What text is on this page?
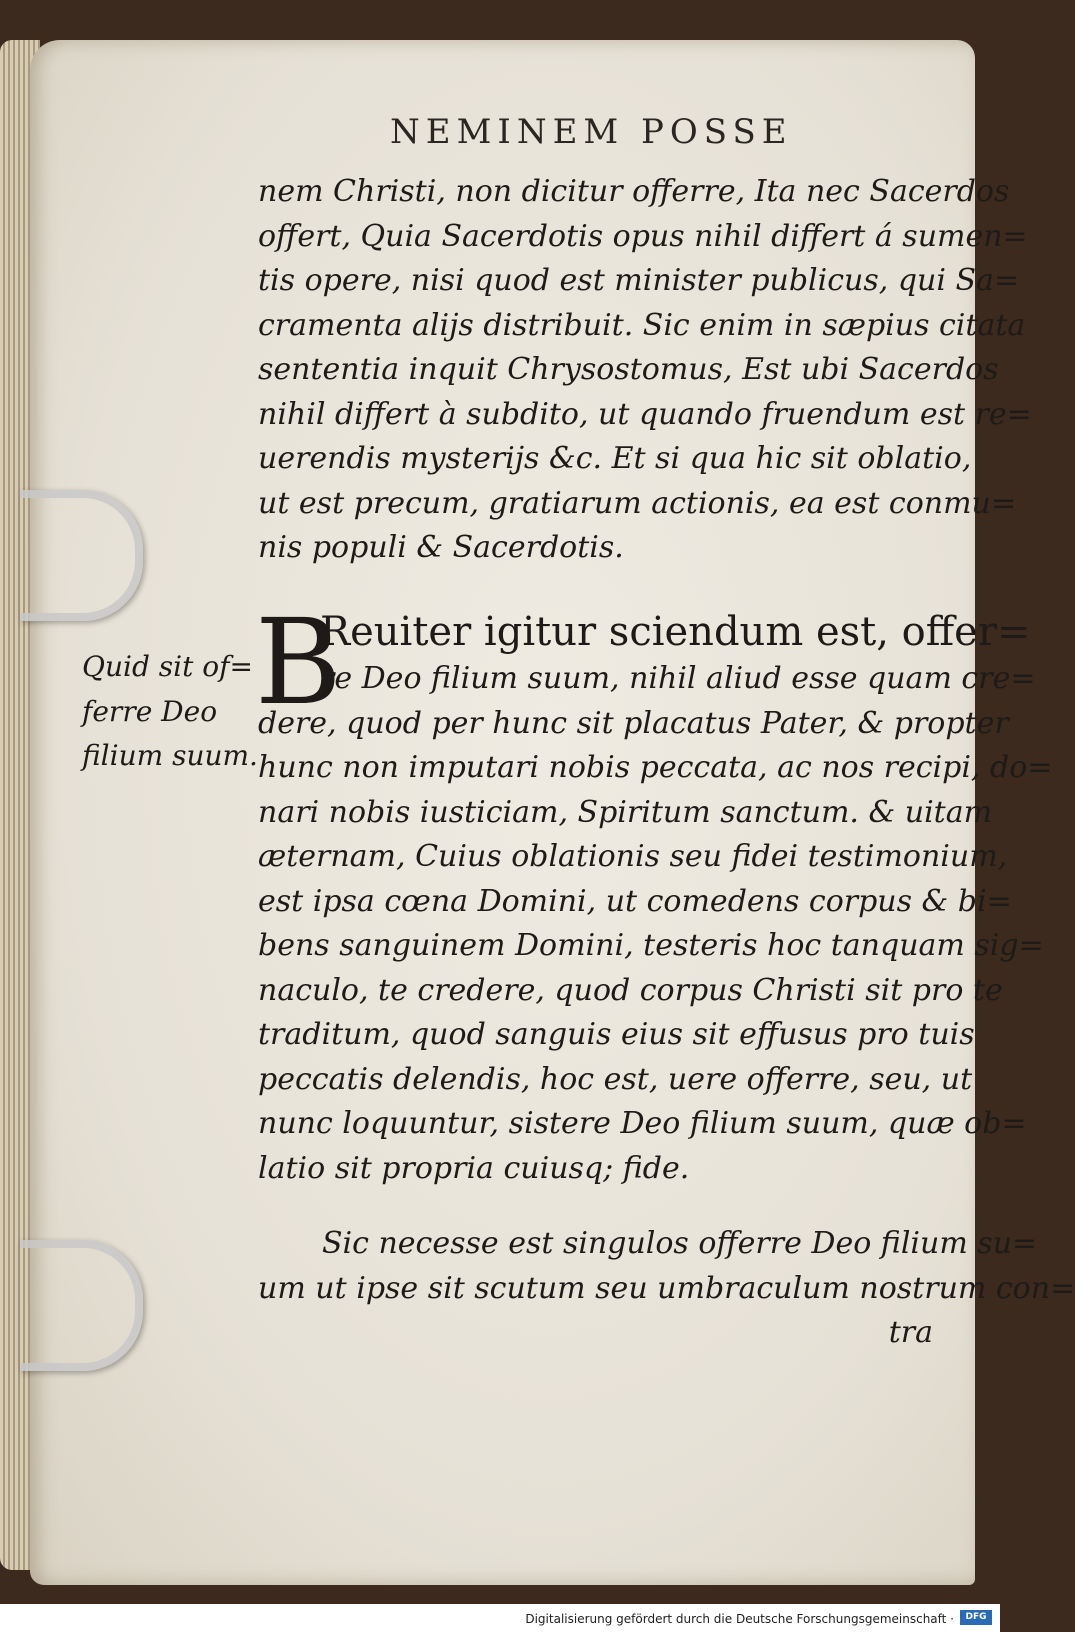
NEMINEM POSSE
nem Christi, non dicitur offerre, Ita nec Sacerdos
offert, Quia Sacerdotis opus nihil differt á sumen=
tis opere, nisi quod est minister publicus, qui Sa=
cramenta alijs distribuit. Sic enim in sæpius citata
sententia inquit Chrysostomus, Est ubi Sacerdos
nihil differt à subdito, ut quando fruendum est re=
uerendis mysterijs &c. Et si qua hic sit oblatio,
ut est precum, gratiarum actionis, ea est conmu=
nis populi & Sacerdotis.
Quid sit of=
ferre Deo
filium suum.
B
Reuiter igitur sciendum est, offer=
re Deo filium suum, nihil aliud esse quam cre=
dere, quod per hunc sit placatus Pater, & propter
hunc non imputari nobis peccata, ac nos recipi, do=
nari nobis iusticiam, Spiritum sanctum. & uitam
æternam, Cuius oblationis seu fidei testimonium,
est ipsa cœna Domini, ut comedens corpus & bi=
bens sanguinem Domini, testeris hoc tanquam sig=
naculo, te credere, quod corpus Christi sit pro te
traditum, quod sanguis eius sit effusus pro tuis
peccatis delendis, hoc est, uere offerre, seu, ut
nunc loquuntur, sistere Deo filium suum, quæ ob=
latio sit propria cuiusq; fide.
Sic necesse est singulos offerre Deo filium su=
um ut ipse sit scutum seu umbraculum nostrum con=
tra
Digitalisierung gefördert durch die Deutsche Forschungsgemeinschaft ·	DFG
